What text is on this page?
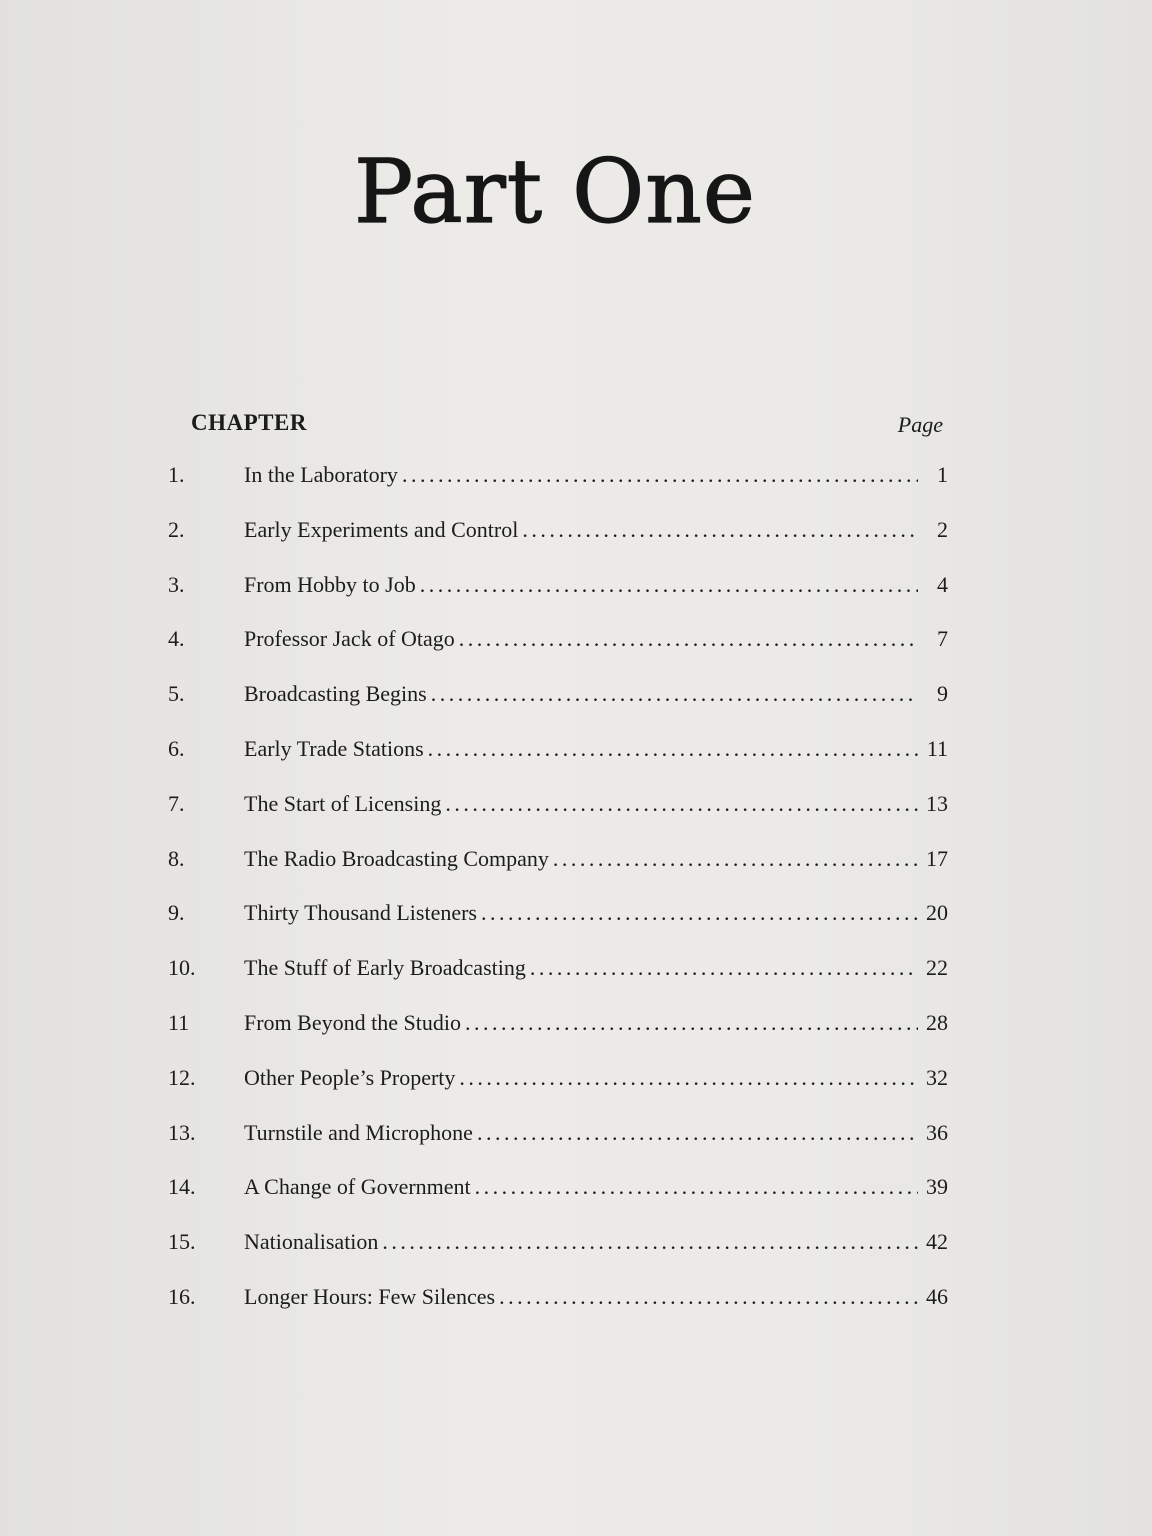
Part One
CHAPTER	Page
1.	In the Laboratory . . .	1
2.	Early Experiments and Control . . .	2
3.	From Hobby to Job . . .	4
4.	Professor Jack of Otago . . .	7
5.	Broadcasting Begins . . .	9
6.	Early Trade Stations . . .	11
7.	The Start of Licensing . . .	13
8.	The Radio Broadcasting Company . . .	17
9.	Thirty Thousand Listeners . . .	20
10.	The Stuff of Early Broadcasting . . .	22
11	From Beyond the Studio . . .	28
12.	Other People’s Property . . .	32
13.	Turnstile and Microphone . . .	36
14.	A Change of Government . . .	39
15.	Nationalisation . . .	42
16.	Longer Hours: Few Silences . . .	46
